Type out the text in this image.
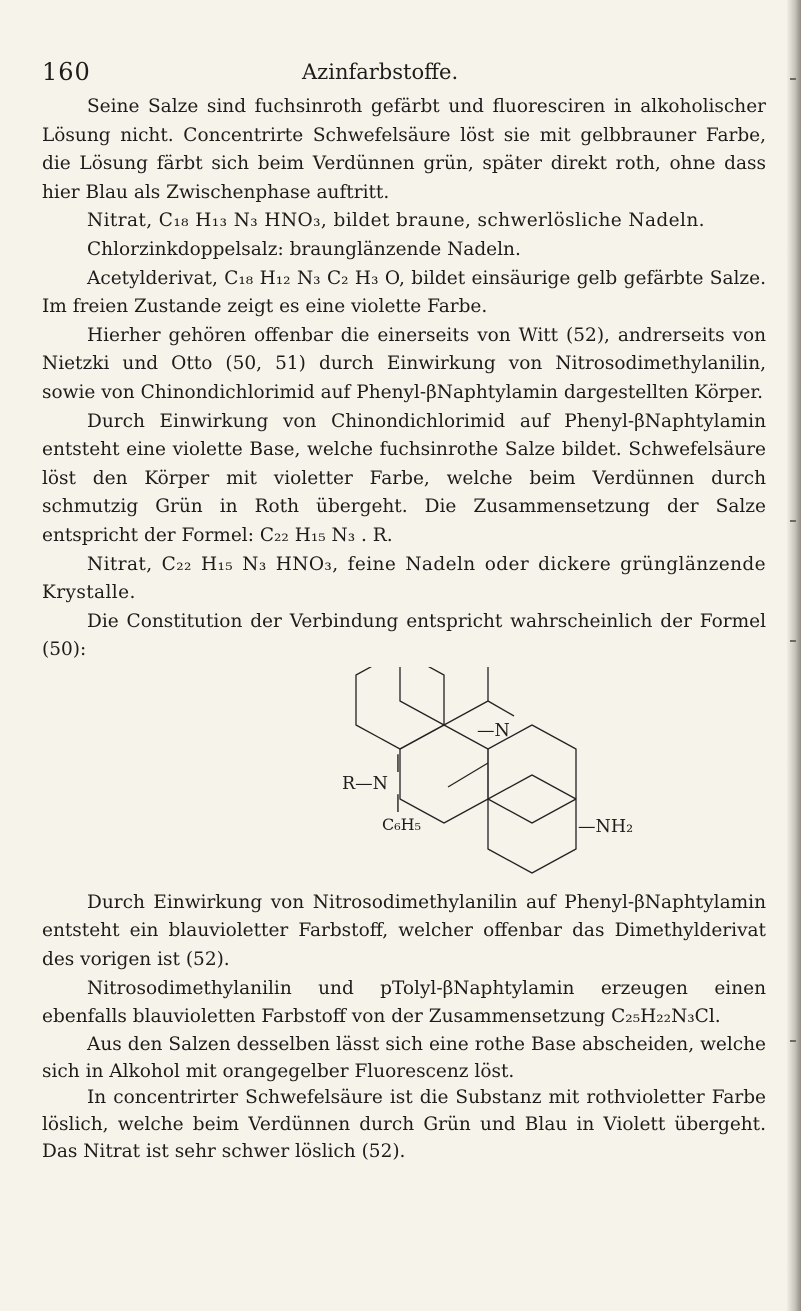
160	Azinfarbstoffe.

Seine Salze sind fuchsinroth gefärbt und fluoresciren in alkoholischer Lösung nicht. Concentrirte Schwefelsäure löst sie mit gelbbrauner Farbe, die Lösung färbt sich beim Verdünnen grün, später direkt roth, ohne dass hier Blau als Zwischenphase auftritt.

Nitrat, C₁₈ H₁₃ N₃ HNO₃, bildet braune, schwerlösliche Nadeln.

Chlorzinkdoppelsalz: braunglänzende Nadeln.

Acetylderivat, C₁₈ H₁₂ N₃ C₂ H₃ O, bildet einsäurige gelb gefärbte Salze. Im freien Zustande zeigt es eine violette Farbe.

Hierher gehören offenbar die einerseits von Witt (52), andrerseits von Nietzki und Otto (50, 51) durch Einwirkung von Nitrosodimethylanilin, sowie von Chinondichlorimid auf Phenyl-βNaphtylamin dargestellten Körper.

Durch Einwirkung von Chinondichlorimid auf Phenyl-βNaphtylamin entsteht eine violette Base, welche fuchsinrothe Salze bildet. Schwefelsäure löst den Körper mit violetter Farbe, welche beim Verdünnen durch schmutzig Grün in Roth übergeht. Die Zusammensetzung der Salze entspricht der Formel: C₂₂ H₁₅ N₃ . R.

Nitrat, C₂₂ H₁₅ N₃ HNO₃, feine Nadeln oder dickere grünglänzende Krystalle.

Die Constitution der Verbindung entspricht wahrscheinlich der Formel (50):

—N
|
R—N
|
C₆H₅	—NH₂

Durch Einwirkung von Nitrosodimethylanilin auf Phenyl-βNaphtylamin entsteht ein blauvioletter Farbstoff, welcher offenbar das Dimethylderivat des vorigen ist (52).

Nitrosodimethylanilin und pTolyl-βNaphtylamin erzeugen einen ebenfalls blauvioletten Farbstoff von der Zusammensetzung C₂₅H₂₂N₃Cl.

Aus den Salzen desselben lässt sich eine rothe Base abscheiden, welche sich in Alkohol mit orangegelber Fluorescenz löst.

In concentrirter Schwefelsäure ist die Substanz mit rothvioletter Farbe löslich, welche beim Verdünnen durch Grün und Blau in Violett übergeht. Das Nitrat ist sehr schwer löslich (52).
